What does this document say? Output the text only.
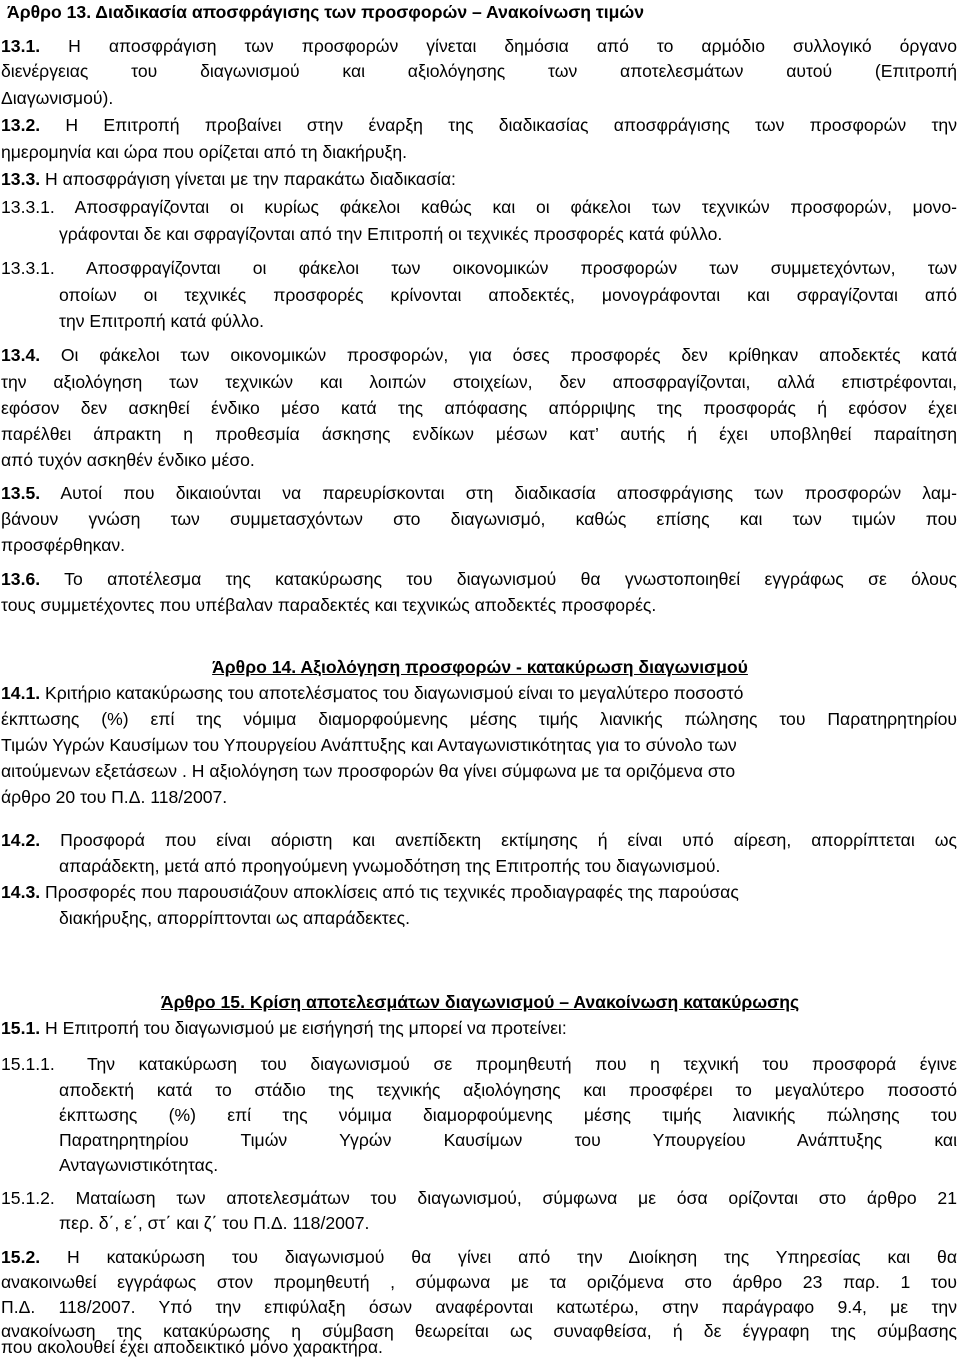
Άρθρο 13. Διαδικασία αποσφράγισης των προσφορών – Ανακοίνωση τιμών
13.1. Η αποσφράγιση των προσφορών γίνεται δημόσια από το αρμόδιο συλλογικό όργανο
διενέργειας του διαγωνισμού και αξιολόγησης των αποτελεσμάτων αυτού (Επιτροπή
Διαγωνισμού).
13.2. Η Επιτροπή προβαίνει στην έναρξη της διαδικασίας αποσφράγισης των προσφορών την
ημερομηνία και ώρα που ορίζεται από τη διακήρυξη.
13.3. Η αποσφράγιση γίνεται με την παρακάτω διαδικασία:
13.3.1. Αποσφραγίζονται οι κυρίως φάκελοι καθώς και οι φάκελοι των τεχνικών προσφορών, μονο-
γράφονται δε και σφραγίζονται από την Επιτροπή οι τεχνικές προσφορές κατά φύλλο.
13.3.1. Αποσφραγίζονται οι φάκελοι των οικονομικών προσφορών των συμμετεχόντων, των
οποίων οι τεχνικές προσφορές κρίνονται αποδεκτές, μονογράφονται και σφραγίζονται από
την Επιτροπή κατά φύλλο.
13.4. Οι φάκελοι των οικονομικών προσφορών, για όσες προσφορές δεν κρίθηκαν αποδεκτές κατά
την αξιολόγηση των τεχνικών και λοιπών στοιχείων, δεν αποσφραγίζονται, αλλά επιστρέφονται,
εφόσον δεν ασκηθεί ένδικο μέσο κατά της απόφασης απόρριψης της προσφοράς ή εφόσον έχει
παρέλθει άπρακτη η προθεσμία άσκησης ενδίκων μέσων κατ’ αυτής ή έχει υποβληθεί παραίτηση
από τυχόν ασκηθέν ένδικο μέσο.
13.5. Αυτοί που δικαιούνται να παρευρίσκονται στη διαδικασία αποσφράγισης των προσφορών λαμ-
βάνουν γνώση των συμμετασχόντων στο διαγωνισμό, καθώς επίσης και των τιμών που
προσφέρθηκαν.
13.6. Το αποτέλεσμα της κατακύρωσης του διαγωνισμού θα γνωστοποιηθεί εγγράφως σε όλους
τους συμμετέχοντες που υπέβαλαν παραδεκτές και τεχνικώς αποδεκτές προσφορές.
Άρθρο 14. Αξιολόγηση προσφορών - κατακύρωση διαγωνισμού
14.1. Κριτήριο κατακύρωσης του αποτελέσματος του διαγωνισμού είναι το μεγαλύτερο ποσοστό
έκπτωσης (%) επί της νόμιμα διαμορφούμενης μέσης τιμής λιανικής πώλησης του Παρατηρητηρίου
Τιμών Υγρών Καυσίμων του Υπουργείου Ανάπτυξης και Ανταγωνιστικότητας για το σύνολο των
αιτούμενων εξετάσεων . Η αξιολόγηση των προσφορών θα γίνει σύμφωνα με τα οριζόμενα στο
άρθρο 20 του Π.Δ. 118/2007.
14.2. Προσφορά που είναι αόριστη και ανεπίδεκτη εκτίμησης ή είναι υπό αίρεση, απορρίπτεται ως
απαράδεκτη, μετά από προηγούμενη γνωμοδότηση της Επιτροπής του διαγωνισμού.
14.3. Προσφορές που παρουσιάζουν αποκλίσεις από τις τεχνικές προδιαγραφές της παρούσας
διακήρυξης, απορρίπτονται ως απαράδεκτες.
Άρθρο 15. Κρίση αποτελεσμάτων διαγωνισμού – Ανακοίνωση κατακύρωσης
15.1. Η Επιτροπή του διαγωνισμού με εισήγησή της μπορεί να προτείνει:
15.1.1.	Την κατακύρωση του διαγωνισμού σε προμηθευτή που η τεχνική του προσφορά έγινε
αποδεκτή κατά το στάδιο της τεχνικής αξιολόγησης και προσφέρει το μεγαλύτερο ποσοστό
έκπτωσης (%) επί της νόμιμα διαμορφούμενης μέσης τιμής λιανικής πώλησης του
Παρατηρητηρίου Τιμών Υγρών Καυσίμων του Υπουργείου Ανάπτυξης και
Ανταγωνιστικότητας.
15.1.2. Ματαίωση των αποτελεσμάτων του διαγωνισμού, σύμφωνα με όσα ορίζονται στο άρθρο 21
περ. δ΄, ε΄, στ΄ και ζ΄ του Π.Δ. 118/2007.
15.2. Η κατακύρωση του διαγωνισμού θα γίνει από την Διοίκηση της Υπηρεσίας και θα
ανακοινωθεί εγγράφως στον προμηθευτή , σύμφωνα με τα οριζόμενα στο άρθρο 23 παρ. 1 του
Π.Δ. 118/2007. Υπό την επιφύλαξη όσων αναφέρονται κατωτέρω, στην παράγραφο 9.4, με την
ανακοίνωση της κατακύρωσης η σύμβαση θεωρείται ως συναφθείσα, ή δε έγγραφη της σύμβασης
που ακολουθεί έχει αποδεικτικό μόνο χαρακτήρα.
